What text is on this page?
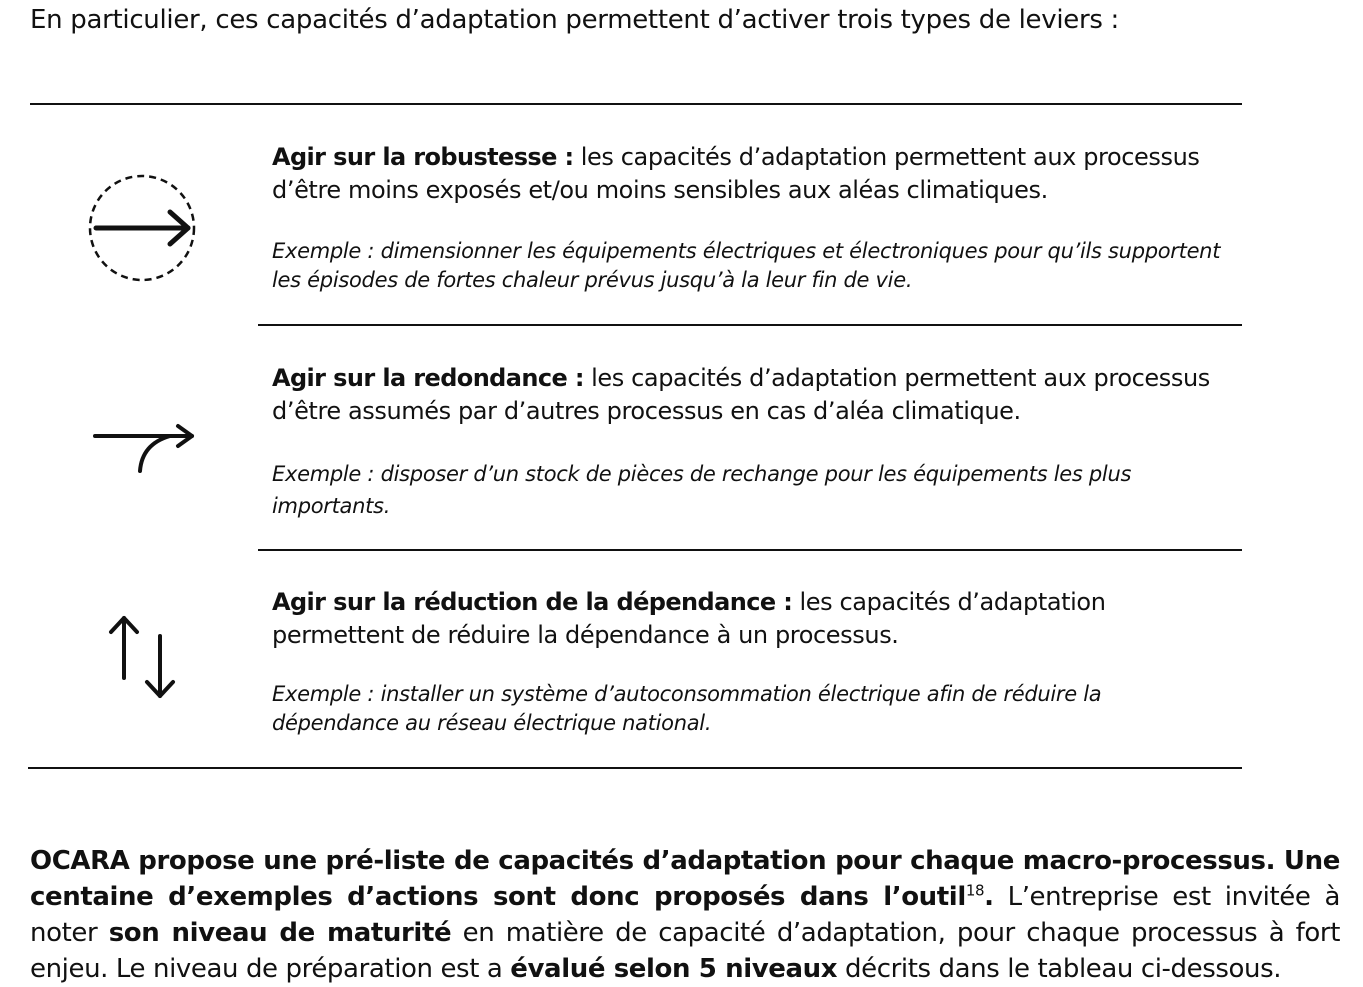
En particulier, ces capacités d’adaptation permettent d’activer trois types de leviers :

Agir sur la robustesse : les capacités d’adaptation permettent aux processus d’être moins exposés et/ou moins sensibles aux aléas climatiques.

Exemple : dimensionner les équipements électriques et électroniques pour qu’ils supportent les épisodes de fortes chaleur prévus jusqu’à la leur fin de vie.

Agir sur la redondance : les capacités d’adaptation permettent aux processus d’être assumés par d’autres processus en cas d’aléa climatique.

Exemple : disposer d’un stock de pièces de rechange pour les équipements les plus importants.

Agir sur la réduction de la dépendance : les capacités d’adaptation permettent de réduire la dépendance à un processus.

Exemple : installer un système d’autoconsommation électrique afin de réduire la dépendance au réseau électrique national.

OCARA propose une pré-liste de capacités d’adaptation pour chaque macro-processus. Une centaine d’exemples d’actions sont donc proposés dans l’outil$^{18}$. L’entreprise est invitée à noter son niveau de maturité en matière de capacité d’adaptation, pour chaque processus à fort enjeu. Le niveau de préparation est a évalué selon 5 niveaux décrits dans le tableau ci-dessous.
